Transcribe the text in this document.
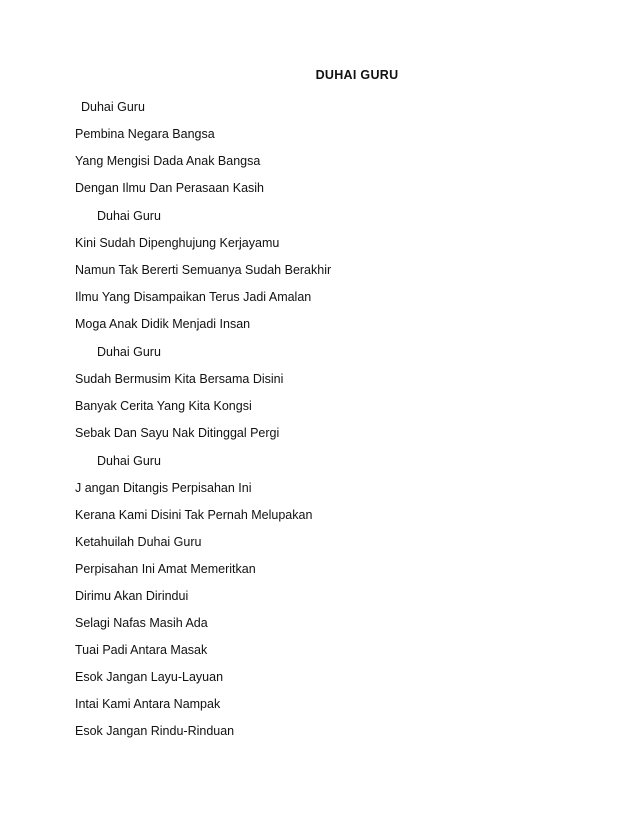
DUHAI GURU
Duhai Guru
Pembina Negara Bangsa
Yang Mengisi Dada Anak Bangsa
Dengan Ilmu Dan Perasaan Kasih
Duhai Guru
Kini Sudah Dipenghujung Kerjayamu
Namun Tak Bererti Semuanya Sudah Berakhir
Ilmu Yang Disampaikan Terus Jadi Amalan
Moga Anak Didik Menjadi Insan
Duhai Guru
Sudah Bermusim Kita Bersama Disini
Banyak Cerita Yang Kita Kongsi
Sebak Dan Sayu Nak Ditinggal Pergi
Duhai Guru
J angan Ditangis Perpisahan Ini
Kerana Kami Disini Tak Pernah Melupakan
Ketahuilah Duhai Guru
Perpisahan Ini Amat Memeritkan
Dirimu Akan Dirindui
Selagi Nafas Masih Ada
Tuai Padi Antara Masak
Esok Jangan Layu-Layuan
Intai Kami Antara Nampak
Esok Jangan Rindu-Rinduan
